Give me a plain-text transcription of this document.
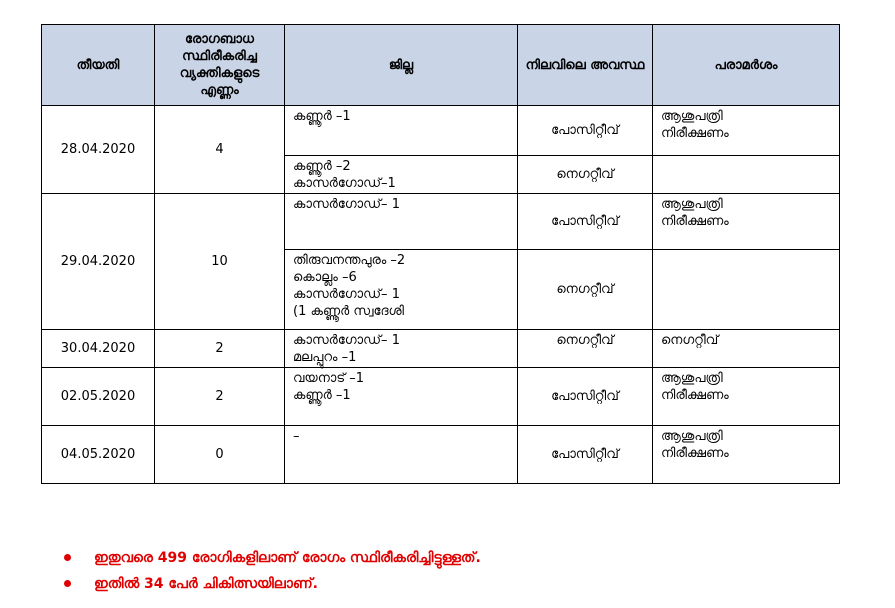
തീയതി	രോഗബാധ സ്ഥിരീകരിച്ച വ്യക്തികളുടെ എണ്ണം	ജില്ല	നിലവിലെ അവസ്ഥ	പരാമർശം
28.04.2020	4	കണ്ണൂർ –1	പോസിറ്റീവ്	ആശുപത്രി
നിരീക്ഷണം

		കണ്ണൂർ –2
കാസർഗോഡ്–1	നെഗറ്റീവ്	
29.04.2020	10	കാസർഗോഡ്– 1	പോസിറ്റീവ്	ആശുപത്രി
നിരീക്ഷണം

		തിരുവനന്തപുരം –2
കൊല്ലം –6
കാസർഗോഡ്– 1
(1 കണ്ണൂർ സ്വദേശി	നെഗറ്റീവ്	
30.04.2020	2	കാസർഗോഡ്– 1
മലപ്പുറം –1	നെഗറ്റീവ്	നെഗറ്റീവ്

02.05.2020	2	വയനാട് –1
കണ്ണൂർ –1	പോസിറ്റീവ്	ആശുപത്രി
നിരീക്ഷണം

04.05.2020	0	–	പോസിറ്റീവ്	ആശുപത്രി
നിരീക്ഷണം
ഇതുവരെ 499 രോഗികളിലാണ് രോഗം സ്ഥിരീകരിച്ചിട്ടുള്ളത്.
ഇതിൽ 34 പേർ ചികിത്സയിലാണ്.
